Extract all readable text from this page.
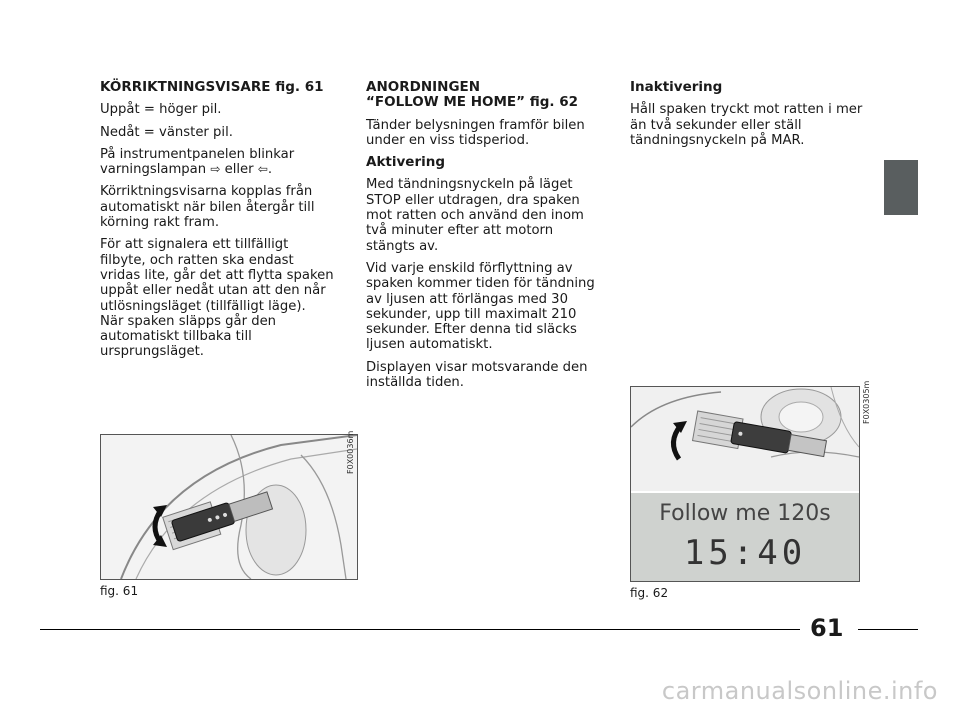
KÖRRIKTNINGSVISARE fig. 61

Uppåt = höger pil.

Nedåt = vänster pil.

På instrumentpanelen blinkar varningslampan ⇨ eller ⇦.

Körriktningsvisarna kopplas från automatiskt när bilen återgår till körning rakt fram.

För att signalera ett tillfälligt filbyte, och ratten ska endast vridas lite, går det att flytta spaken uppåt eller nedåt utan att den når utlösningsläget (tillfälligt läge).

När spaken släpps går den automatiskt tillbaka till ursprungsläget.

ANORDNINGEN
“FOLLOW ME HOME” fig. 62

Tänder belysningen framför bilen under en viss tidsperiod.

Aktivering

Med tändningsnyckeln på läget STOP eller utdragen, dra spaken mot ratten och använd den inom två minuter efter att motorn stängts av.

Vid varje enskild förflyttning av spaken kommer tiden för tändning av ljusen att förlängas med 30 sekunder, upp till maximalt 210 sekunder. Efter denna tid släcks ljusen automatiskt.

Displayen visar motsvarande den inställda tiden.

Inaktivering

Håll spaken tryckt mot ratten i mer än två sekunder eller ställ tändningsnyckeln på MAR.

F0X0036m
fig. 61
Follow me 120s
15:40
F0X0305m
fig. 62
61
carmanualsonline.info
